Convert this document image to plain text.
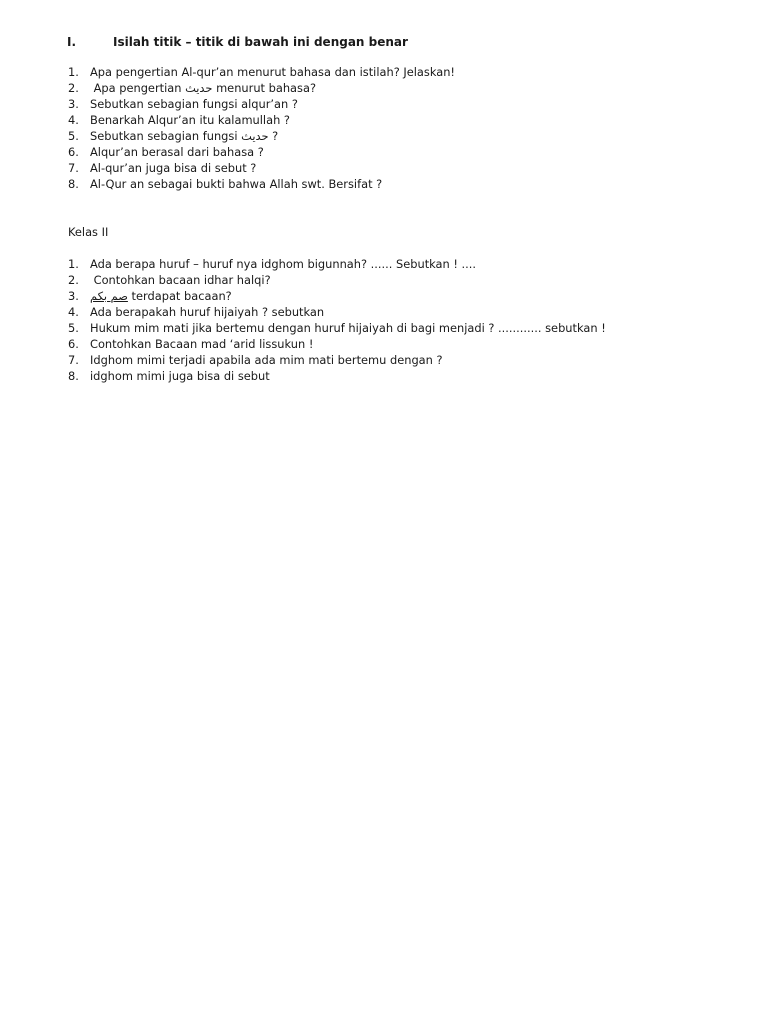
I.	Isilah titik – titik di bawah ini dengan benar
1. Apa pengertian Al-qur’an menurut bahasa dan istilah? Jelaskan!
2. Apa pengertian حديث menurut bahasa?
3. Sebutkan sebagian fungsi alqur’an ?
4. Benarkah Alqur’an itu kalamullah ?
5. Sebutkan sebagian fungsi حديث ?
6. Alqur’an berasal dari bahasa ?
7. Al-qur’an juga bisa di sebut ?
8. Al-Qur an sebagai bukti bahwa Allah swt. Bersifat ?
Kelas II
1. Ada berapa huruf – huruf nya idghom bigunnah? ...... Sebutkan ! ....
2. Contohkan bacaan idhar halqi?
3. صم بكم terdapat bacaan?
4. Ada berapakah huruf hijaiyah ? sebutkan
5. Hukum mim mati jika bertemu dengan huruf hijaiyah di bagi menjadi ? ............ sebutkan !
6. Contohkan Bacaan mad ‘arid lissukun !
7. Idghom mimi terjadi apabila ada mim mati bertemu dengan ?
8. idghom mimi juga bisa di sebut
